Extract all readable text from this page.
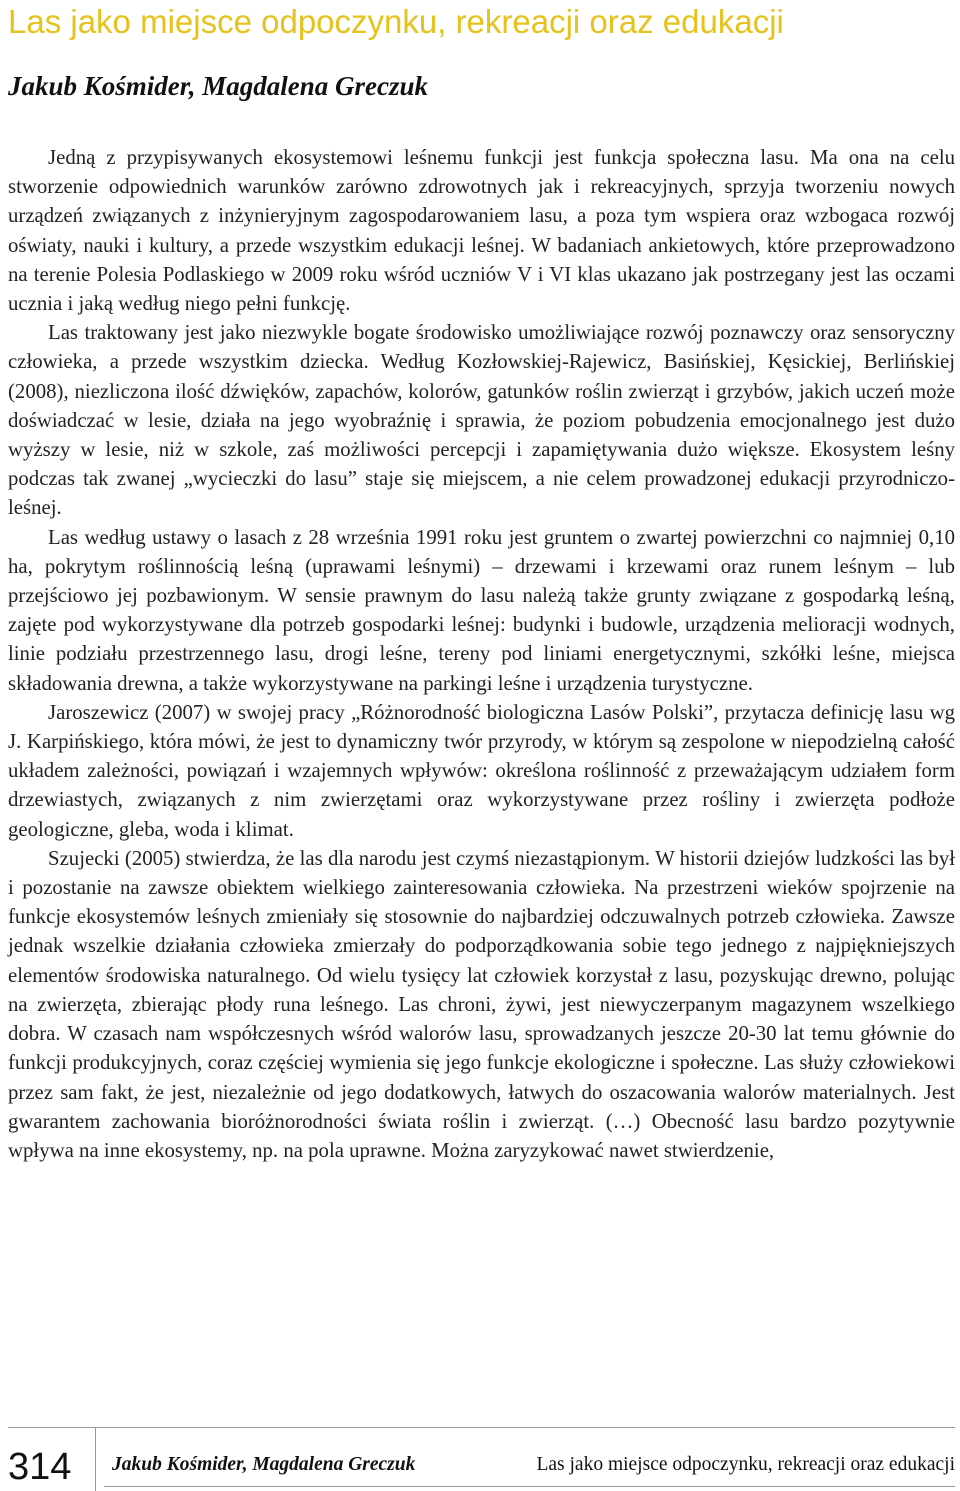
Las jako miejsce odpoczynku, rekreacji oraz edukacji
Jakub Kośmider, Magdalena Greczuk

Jedną z przypisywanych ekosystemowi leśnemu funkcji jest funkcja społeczna lasu. Ma ona na celu stworzenie odpowiednich warunków zarówno zdrowotnych jak i rekreacyjnych, sprzyja tworzeniu nowych urządzeń związanych z inżynieryjnym zagospodarowaniem lasu, a poza tym wspiera oraz wzbogaca rozwój oświaty, nauki i kultury, a przede wszystkim edukacji leśnej. W badaniach ankietowych, które przeprowadzono na terenie Polesia Podlaskiego w 2009 roku wśród uczniów V i VI klas ukazano jak postrzegany jest las oczami ucznia i jaką według niego pełni funkcję.

Las traktowany jest jako niezwykle bogate środowisko umożliwiające rozwój poznawczy oraz sensoryczny człowieka, a przede wszystkim dziecka. Według Kozłowskiej-Rajewicz, Basińskiej, Kęsickiej, Berlińskiej (2008), niezliczona ilość dźwięków, zapachów, kolorów, gatunków roślin zwierząt i grzybów, jakich uczeń może doświadczać w lesie, działa na jego wyobraźnię i sprawia, że poziom pobudzenia emocjonalnego jest dużo wyższy w lesie, niż w szkole, zaś możliwości percepcji i zapamiętywania dużo większe. Ekosystem leśny podczas tak zwanej „wycieczki do lasu” staje się miejscem, a nie celem prowadzonej edukacji przyrodniczo-leśnej.

Las według ustawy o lasach z 28 września 1991 roku jest gruntem o zwartej powierzchni co najmniej 0,10 ha, pokrytym roślinnością leśną (uprawami leśnymi) – drzewami i krzewami oraz runem leśnym – lub przejściowo jej pozbawionym. W sensie prawnym do lasu należą także grunty związane z gospodarką leśną, zajęte pod wykorzystywane dla potrzeb gospodarki leśnej: budynki i budowle, urządzenia melioracji wodnych, linie podziału przestrzennego lasu, drogi leśne, tereny pod liniami energetycznymi, szkółki leśne, miejsca składowania drewna, a także wykorzystywane na parkingi leśne i urządzenia turystyczne.

Jaroszewicz (2007) w swojej pracy „Różnorodność biologiczna Lasów Polski”, przytacza definicję lasu wg J. Karpińskiego, która mówi, że jest to dynamiczny twór przyrody, w którym są zespolone w niepodzielną całość układem zależności, powiązań i wzajemnych wpływów: określona roślinność z przeważającym udziałem form drzewiastych, związanych z nim zwierzętami oraz wykorzystywane przez rośliny i zwierzęta podłoże geologiczne, gleba, woda i klimat.

Szujecki (2005) stwierdza, że las dla narodu jest czymś niezastąpionym. W historii dziejów ludzkości las był i pozostanie na zawsze obiektem wielkiego zainteresowania człowieka. Na przestrzeni wieków spojrzenie na funkcje ekosystemów leśnych zmieniały się stosownie do najbardziej odczuwalnych potrzeb człowieka. Zawsze jednak wszelkie działania człowieka zmierzały do podporządkowania sobie tego jednego z najpiękniejszych elementów środowiska naturalnego. Od wielu tysięcy lat człowiek korzystał z lasu, pozyskując drewno, polując na zwierzęta, zbierając płody runa leśnego. Las chroni, żywi, jest niewyczerpanym magazynem wszelkiego dobra. W czasach nam współczesnych wśród walorów lasu, sprowadzanych jeszcze 20-30 lat temu głównie do funkcji produkcyjnych, coraz częściej wymienia się jego funkcje ekologiczne i społeczne. Las służy człowiekowi przez sam fakt, że jest, niezależnie od jego dodatkowych, łatwych do oszacowania walorów materialnych. Jest gwarantem zachowania bioróżnorodności świata roślin i zwierząt. (…) Obecność lasu bardzo pozytywnie wpływa na inne ekosystemy, np. na pola uprawne. Można zaryzykować nawet stwierdzenie,

314 Jakub Kośmider, Magdalena Greczuk	Las jako miejsce odpoczynku, rekreacji oraz edukacji
